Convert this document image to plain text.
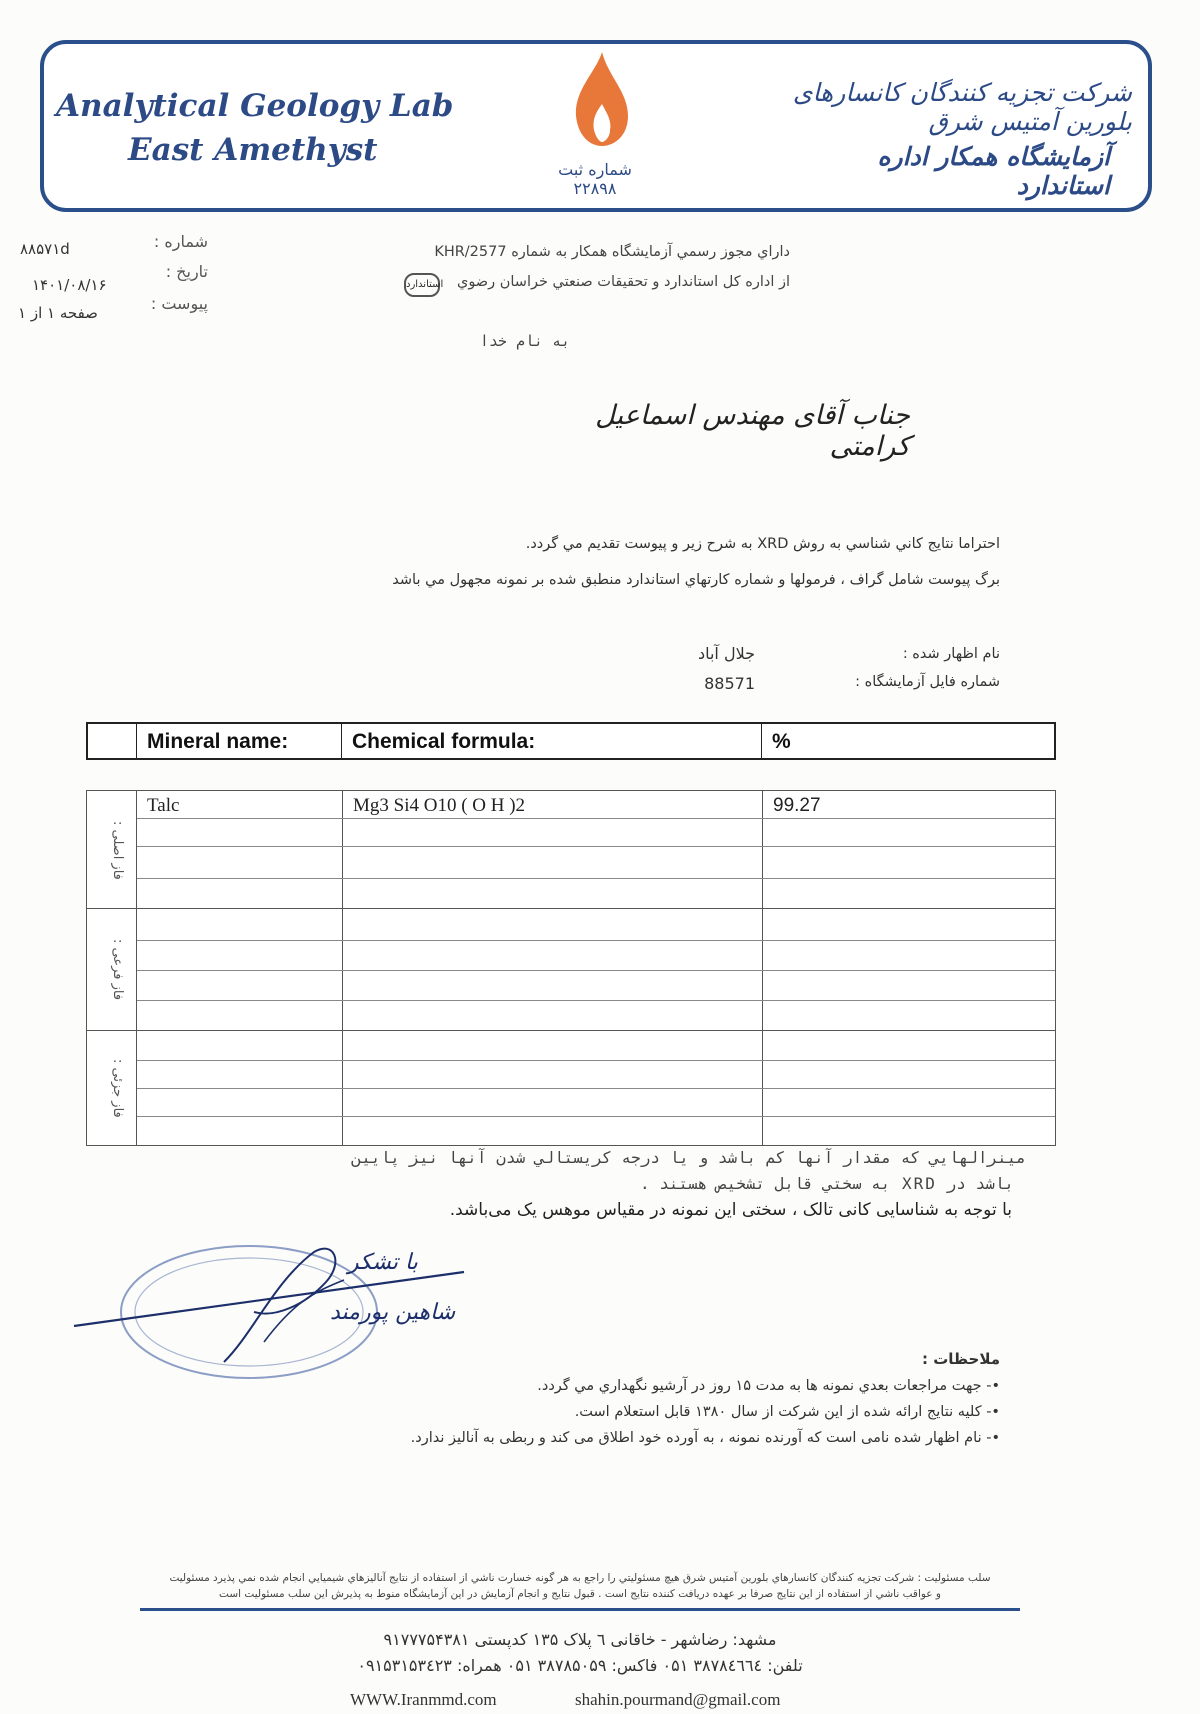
Analytical Geology Lab
East Amethyst
شماره ثبت ۲۲۸۹۸
شرکت تجزیه کنندگان کانسارهای بلورین آمتیس شرق
آزمایشگاه همکار اداره استاندارد
شماره :
۸۸۵۷۱d
تاریخ :
۱۴۰۱/۰۸/۱۶
پیوست :
صفحه ۱ از ۱
داراي مجوز رسمي آزمايشگاه همكار به شماره KHR/2577
از اداره كل استاندارد و تحقيقات صنعتي خراسان رضوي
استاندارد
به نام خدا
جناب آقای مهندس اسماعیل کرامتی
احتراما نتايج كاني شناسي به روش XRD به شرح زير و پيوست تقديم مي گردد.
برگ پيوست شامل گراف ، فرمولها و شماره كارتهاي استاندارد منطبق شده بر نمونه مجهول مي باشد
نام اظهار شده :
جلال آباد
شماره فايل آزمايشگاه :
88571
Mineral name:	Chemical formula:	%
فاز اصلی :
فاز فرعی :
فاز جزئی :
Talc	Mg3 Si4 O10 ( O H )2	99.27
مينرالهايي كه مقدار آنها كم باشد و يا درجه كريستالي شدن آنها نيز پايين
باشد در XRD به سختي قابل تشخيص هستند .
با توجه به شناسایی کانی تالک ، سختی این نمونه در مقیاس موهس یک می‌باشد.
با تشکر
شاهین پورمند
ملاحظات :
•- جهت مراجعات بعدي نمونه ها به مدت ۱۵ روز در آرشيو نگهداري مي گردد.
•- كليه نتايج ارائه شده از اين شركت از سال ۱۳۸۰ قابل استعلام است.
•- نام اظهار شده نامی است که آورنده نمونه ، به آورده خود اطلاق می کند و ربطی به آنالیز ندارد.
سلب مسئوليت : شركت تجزيه كنندگان كانسارهاي بلورين آمتيس شرق هيچ مسئوليتي را راجع به هر گونه خسارت ناشي از استفاده از نتايج آناليزهاي شيميايي انجام شده نمي پذيرد مسئوليت
و عواقب ناشي از استفاده از اين نتايج صرفا بر عهده دريافت كننده نتايج است . قبول نتايج و انجام آزمايش در اين آزمايشگاه منوط به پذيرش اين سلب مسئوليت است
مشهد: رضاشهر - خاقانی ٦ پلاک ۱۳۵ کدپستی ۹۱۷۷۷۵۴۳۸۱
تلفن: ۳۸۷۸٤٦٦٤ ۰۵۱ فاکس: ۳۸۷۸۵۰۵۹ ۰۵۱ همراه: ۰۹۱۵۳۱۵۳٤۲۳
WWW.Iranmmd.com	shahin.pourmand@gmail.com
